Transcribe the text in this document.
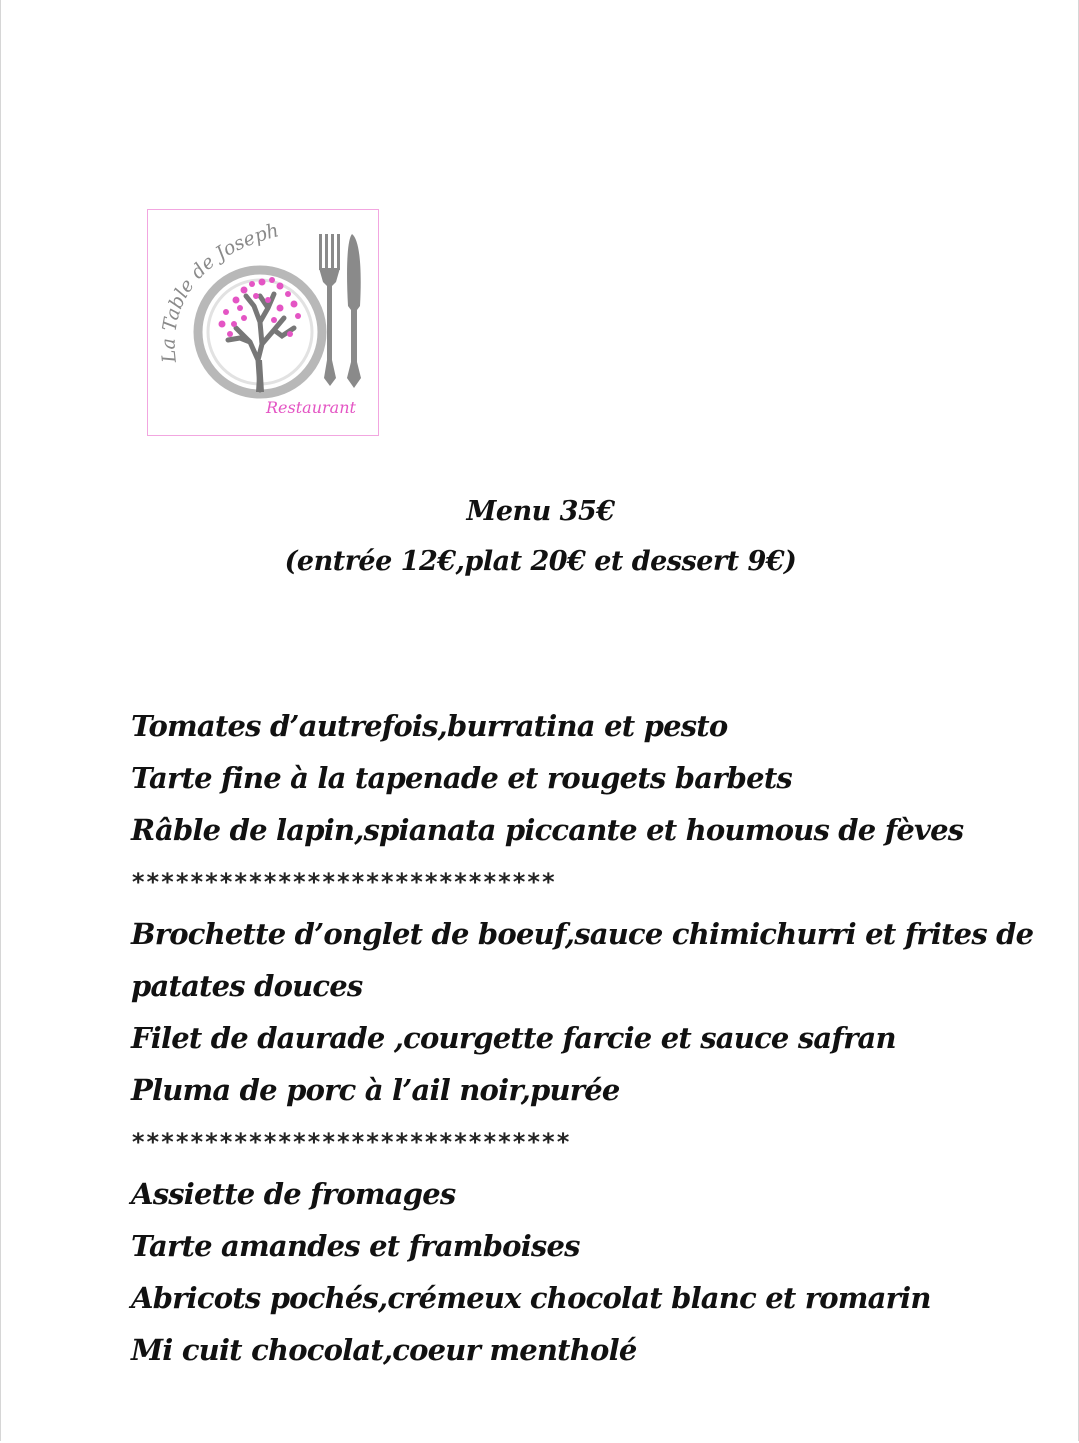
La Table de Joseph
Restaurant
Menu 35€
(entrée 12€,plat 20€ et dessert 9€)
Tomates d’autrefois,burratina et pesto
Tarte fine à la tapenade et rougets barbets
Râble de lapin,spianata piccante et houmous de fèves
*****************************
Brochette d’onglet de boeuf,sauce chimichurri et frites de
patates douces
Filet de daurade ,courgette farcie et sauce safran
Pluma de porc à l’ail noir,purée
******************************
Assiette de fromages
Tarte amandes et framboises
Abricots pochés,crémeux chocolat blanc et romarin
Mi cuit chocolat,coeur mentholé
